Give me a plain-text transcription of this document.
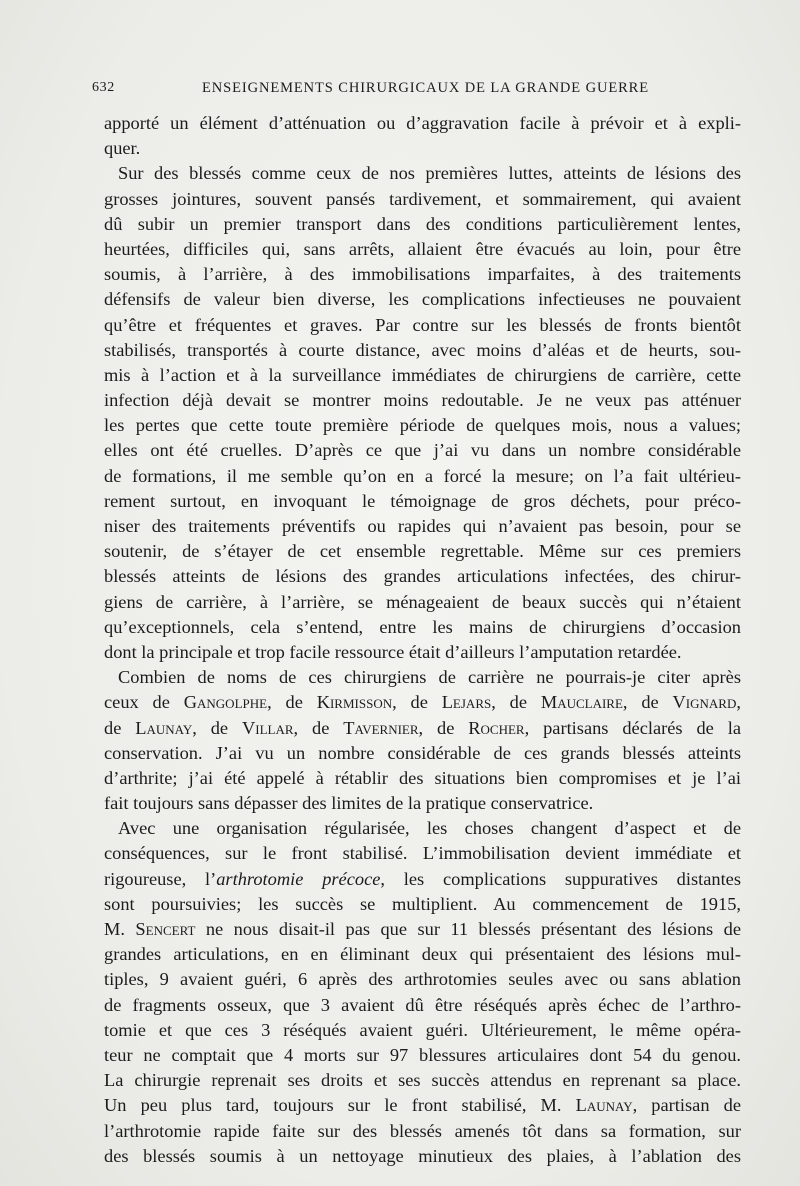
632	ENSEIGNEMENTS CHIRURGICAUX DE LA GRANDE GUERRE
apporté un élément d’atténuation ou d’aggravation facile à prévoir et à expli-
quer.
Sur des blessés comme ceux de nos premières luttes, atteints de lésions des
grosses jointures, souvent pansés tardivement, et sommairement, qui avaient
dû subir un premier transport dans des conditions particulièrement lentes,
heurtées, difficiles qui, sans arrêts, allaient être évacués au loin, pour être
soumis, à l’arrière, à des immobilisations imparfaites, à des traitements
défensifs de valeur bien diverse, les complications infectieuses ne pouvaient
qu’être et fréquentes et graves. Par contre sur les blessés de fronts bientôt
stabilisés, transportés à courte distance, avec moins d’aléas et de heurts, sou-
mis à l’action et à la surveillance immédiates de chirurgiens de carrière, cette
infection déjà devait se montrer moins redoutable. Je ne veux pas atténuer
les pertes que cette toute première période de quelques mois, nous a values;
elles ont été cruelles. D’après ce que j’ai vu dans un nombre considérable
de formations, il me semble qu’on en a forcé la mesure; on l’a fait ultérieu-
rement surtout, en invoquant le témoignage de gros déchets, pour préco-
niser des traitements préventifs ou rapides qui n’avaient pas besoin, pour se
soutenir, de s’étayer de cet ensemble regrettable. Même sur ces premiers
blessés atteints de lésions des grandes articulations infectées, des chirur-
giens de carrière, à l’arrière, se ménageaient de beaux succès qui n’étaient
qu’exceptionnels, cela s’entend, entre les mains de chirurgiens d’occasion
dont la principale et trop facile ressource était d’ailleurs l’amputation retardée.
Combien de noms de ces chirurgiens de carrière ne pourrais-je citer après
ceux de Gangolphe, de Kirmisson, de Lejars, de Mauclaire, de Vignard,
de Launay, de Villar, de Tavernier, de Rocher, partisans déclarés de la
conservation. J’ai vu un nombre considérable de ces grands blessés atteints
d’arthrite; j’ai été appelé à rétablir des situations bien compromises et je l’ai
fait toujours sans dépasser des limites de la pratique conservatrice.
Avec une organisation régularisée, les choses changent d’aspect et de
conséquences, sur le front stabilisé. L’immobilisation devient immédiate et
rigoureuse, l’arthrotomie précoce, les complications suppuratives distantes
sont poursuivies; les succès se multiplient. Au commencement de 1915,
M. Sencert ne nous disait-il pas que sur 11 blessés présentant des lésions de
grandes articulations, en en éliminant deux qui présentaient des lésions mul-
tiples, 9 avaient guéri, 6 après des arthrotomies seules avec ou sans ablation
de fragments osseux, que 3 avaient dû être réséqués après échec de l’arthro-
tomie et que ces 3 réséqués avaient guéri. Ultérieurement, le même opéra-
teur ne comptait que 4 morts sur 97 blessures articulaires dont 54 du genou.
La chirurgie reprenait ses droits et ses succès attendus en reprenant sa place.
Un peu plus tard, toujours sur le front stabilisé, M. Launay, partisan de
l’arthrotomie rapide faite sur des blessés amenés tôt dans sa formation, sur
des blessés soumis à un nettoyage minutieux des plaies, à l’ablation des
